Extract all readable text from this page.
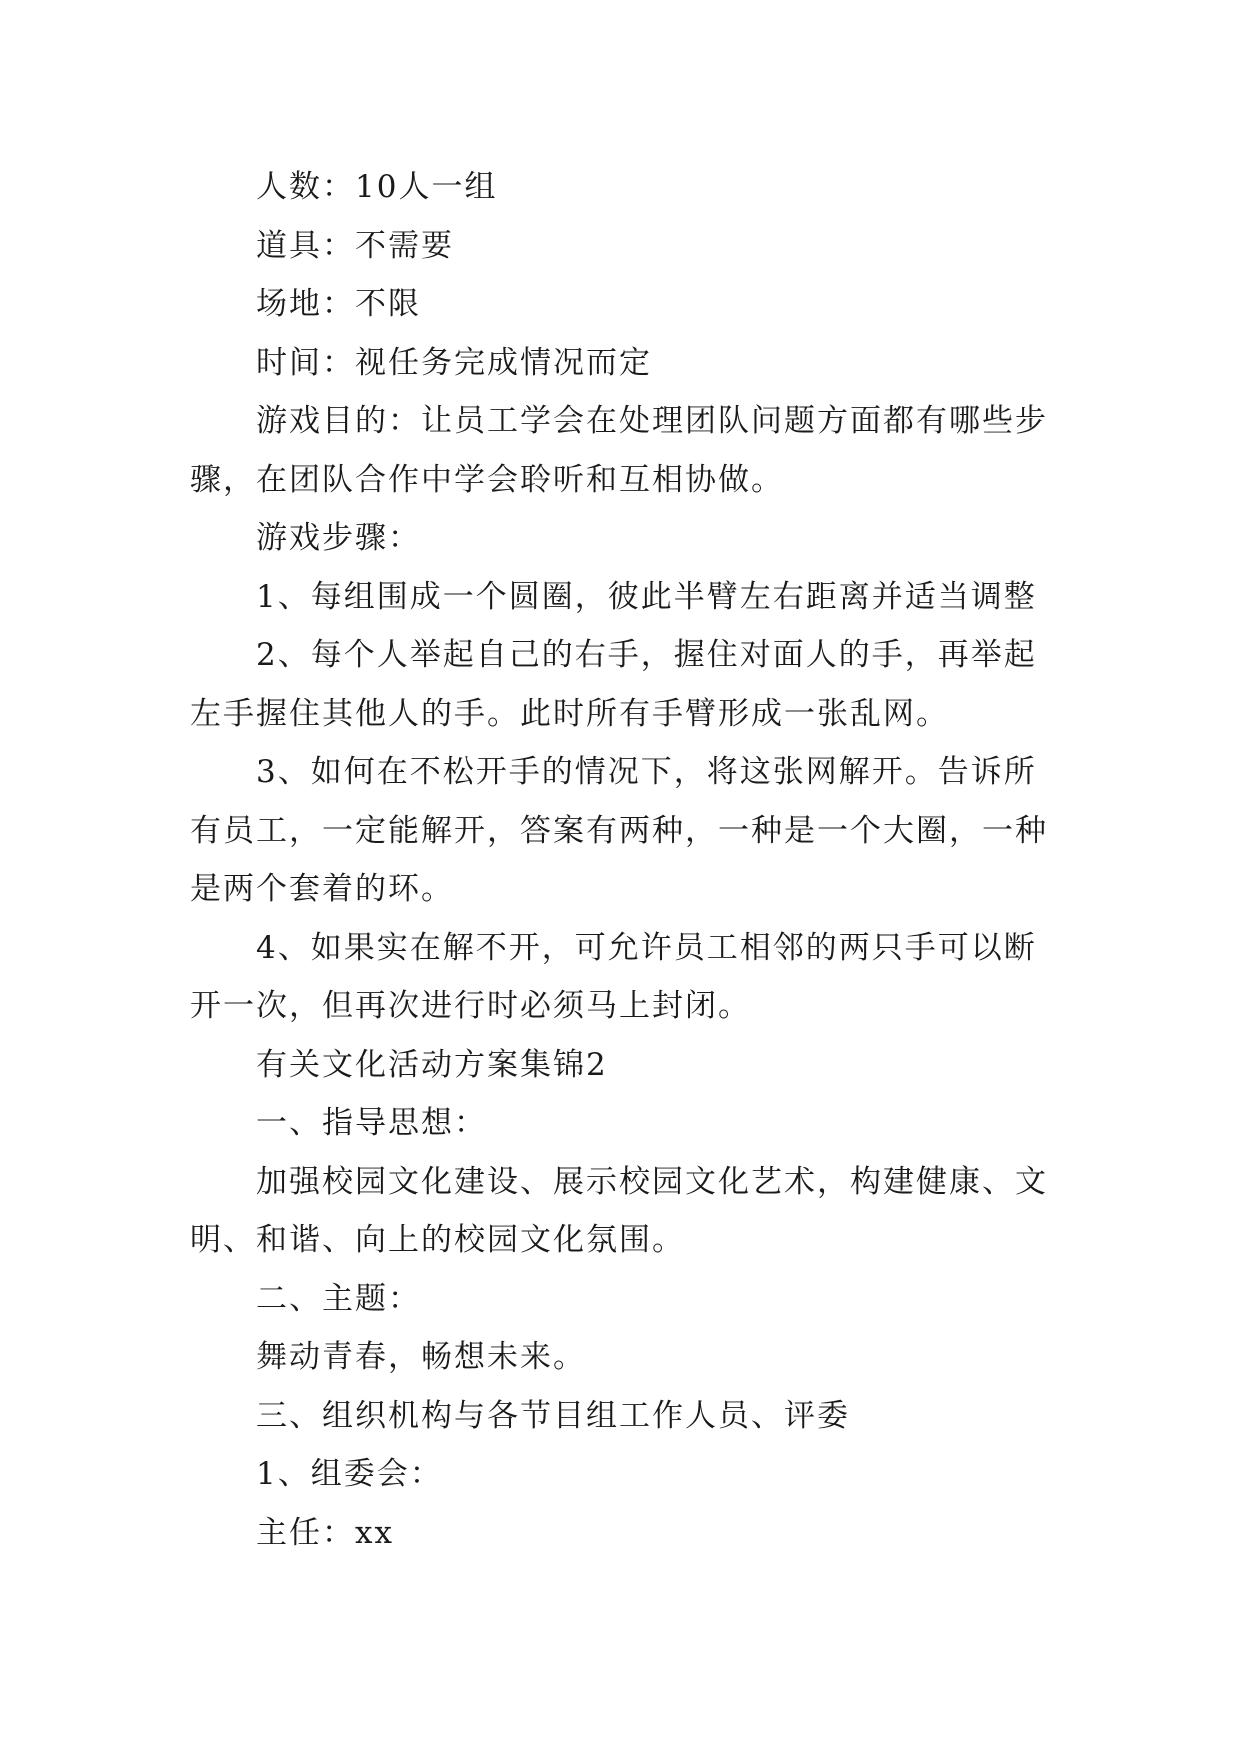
人数：10人一组

道具：不需要

场地：不限

时间：视任务完成情况而定

游戏目的：让员工学会在处理团队问题方面都有哪些步

骤，在团队合作中学会聆听和互相协做。

游戏步骤：

1、每组围成一个圆圈，彼此半臂左右距离并适当调整

2、每个人举起自己的右手，握住对面人的手，再举起

左手握住其他人的手。此时所有手臂形成一张乱网。

3、如何在不松开手的情况下，将这张网解开。告诉所

有员工，一定能解开，答案有两种，一种是一个大圈，一种

是两个套着的环。

4、如果实在解不开，可允许员工相邻的两只手可以断

开一次，但再次进行时必须马上封闭。

有关文化活动方案集锦2

一、指导思想：

加强校园文化建设、展示校园文化艺术，构建健康、文

明、和谐、向上的校园文化氛围。

二、主题：

舞动青春，畅想未来。

三、组织机构与各节目组工作人员、评委

1、组委会：

主任：xx
